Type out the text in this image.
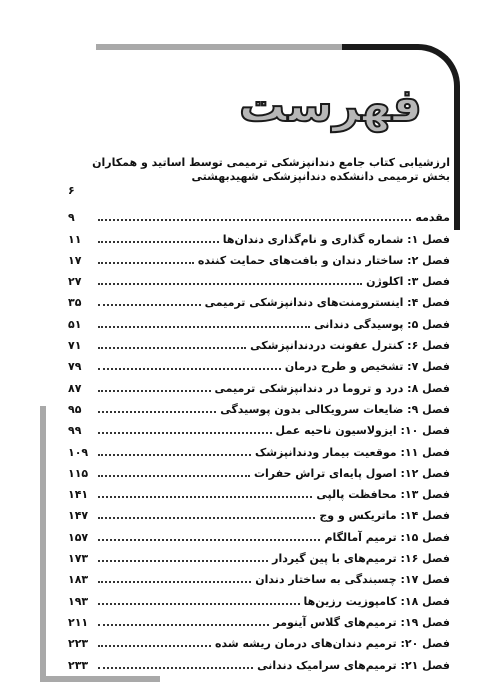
فهرست
ارزشیابی کتاب جامع دندانپزشکی ترمیمی توسط اساتید و همکاران بخش ترمیمی دانشکده دندانپزشکی شهیدبهشتی
۶
مقدمه
۹
فصل ۱: شماره گذاری و نام‌گذاری دندان‌ها
۱۱
فصل ۲: ساختار دندان و بافت‌های حمایت کننده
۱۷
فصل ۳: اکلوژن
۲۷
فصل ۴: اینسترومنت‌های دندانپزشکی ترمیمی
۳۵
فصل ۵: پوسیدگی دندانی
۵۱
فصل ۶: کنترل عفونت دردندانپزشکی
۷۱
فصل ۷: تشخیص و طرح درمان
۷۹
فصل ۸: درد و تروما در دندانپزشکی ترمیمی
۸۷
فصل ۹: ضایعات سرویکالی بدون پوسیدگی
۹۵
فصل ۱۰: ایزولاسیون ناحیه عمل
۹۹
فصل ۱۱: موقعیت بیمار ودندانپزشک
۱۰۹
فصل ۱۲: اصول پایه‌ای تراش حفرات
۱۱۵
فصل ۱۳: محافظت پالپی
۱۴۱
فصل ۱۴: ماتریکس و وج
۱۴۷
فصل ۱۵: ترمیم آمالگام
۱۵۷
فصل ۱۶: ترمیم‌های با پین گیردار
۱۷۳
فصل ۱۷: چسبندگی به ساختار دندان
۱۸۳
فصل ۱۸: کامپوزیت رزین‌ها
۱۹۳
فصل ۱۹: ترمیم‌های گلاس آینومر
۲۱۱
فصل ۲۰: ترمیم دندان‌های درمان ریشه شده
۲۲۳
فصل ۲۱: ترمیم‌های سرامیک دندانی
۲۳۳
